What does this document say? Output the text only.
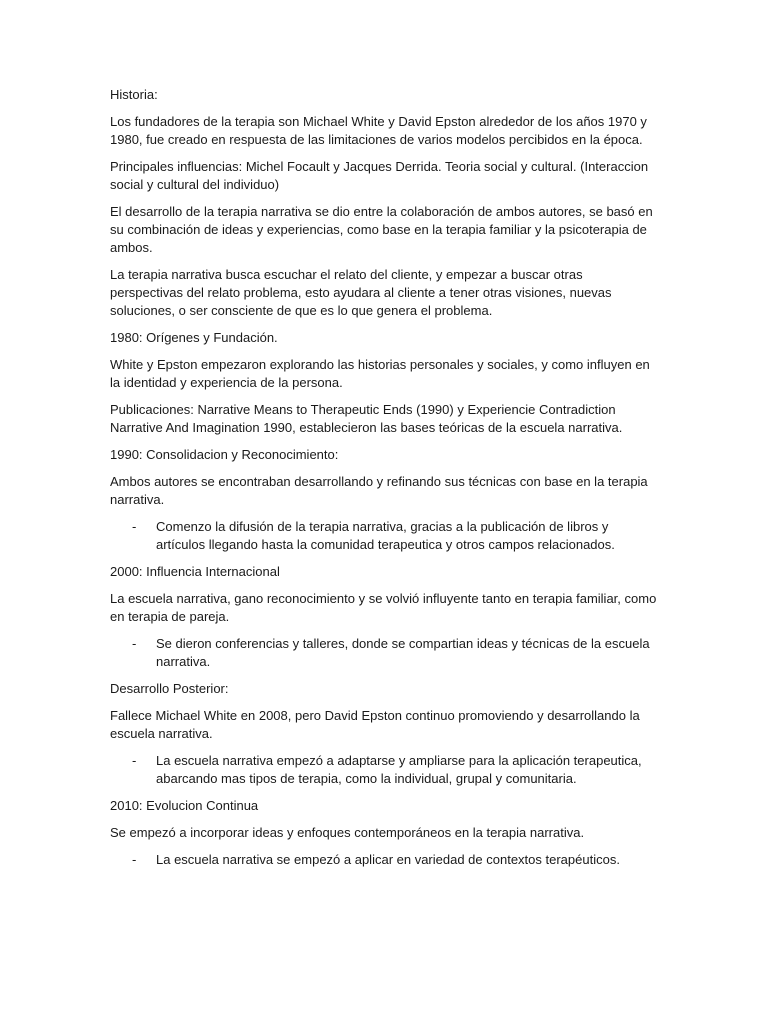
Historia:

Los fundadores de la terapia son Michael White y David Epston alrededor de los años 1970 y 1980, fue creado en respuesta de las limitaciones de varios modelos percibidos en la época.

Principales influencias: Michel Focault y Jacques Derrida. Teoria social y cultural. (Interaccion social y cultural del individuo)

El desarrollo de la terapia narrativa se dio entre la colaboración de ambos autores, se basó en su combinación de ideas y experiencias, como base en la terapia familiar y la psicoterapia de ambos.

La terapia narrativa busca escuchar el relato del cliente, y empezar a buscar otras perspectivas del relato problema, esto ayudara al cliente a tener otras visiones, nuevas soluciones, o ser consciente de que es lo que genera el problema.

1980: Orígenes y Fundación.

White y Epston empezaron explorando las historias personales y sociales, y como influyen en la identidad y experiencia de la persona.

Publicaciones: Narrative Means to Therapeutic Ends (1990) y Experiencie Contradiction Narrative And Imagination 1990, establecieron las bases teóricas de la escuela narrativa.

1990: Consolidacion y Reconocimiento:

Ambos autores se encontraban desarrollando y refinando sus técnicas con base en la terapia narrativa.

-	Comenzo la difusión de la terapia narrativa, gracias a la publicación de libros y artículos llegando hasta la comunidad terapeutica y otros campos relacionados.

2000: Influencia Internacional

La escuela narrativa, gano reconocimiento y se volvió influyente tanto en terapia familiar, como en terapia de pareja.

-	Se dieron conferencias y talleres, donde se compartian ideas y técnicas de la escuela narrativa.

Desarrollo Posterior:

Fallece Michael White en 2008, pero David Epston continuo promoviendo y desarrollando la escuela narrativa.

-	La escuela narrativa empezó a adaptarse y ampliarse para la aplicación terapeutica, abarcando mas tipos de terapia, como la individual, grupal y comunitaria.

2010: Evolucion Continua

Se empezó a incorporar ideas y enfoques contemporáneos en la terapia narrativa.

-	La escuela narrativa se empezó a aplicar en variedad de contextos terapéuticos.
